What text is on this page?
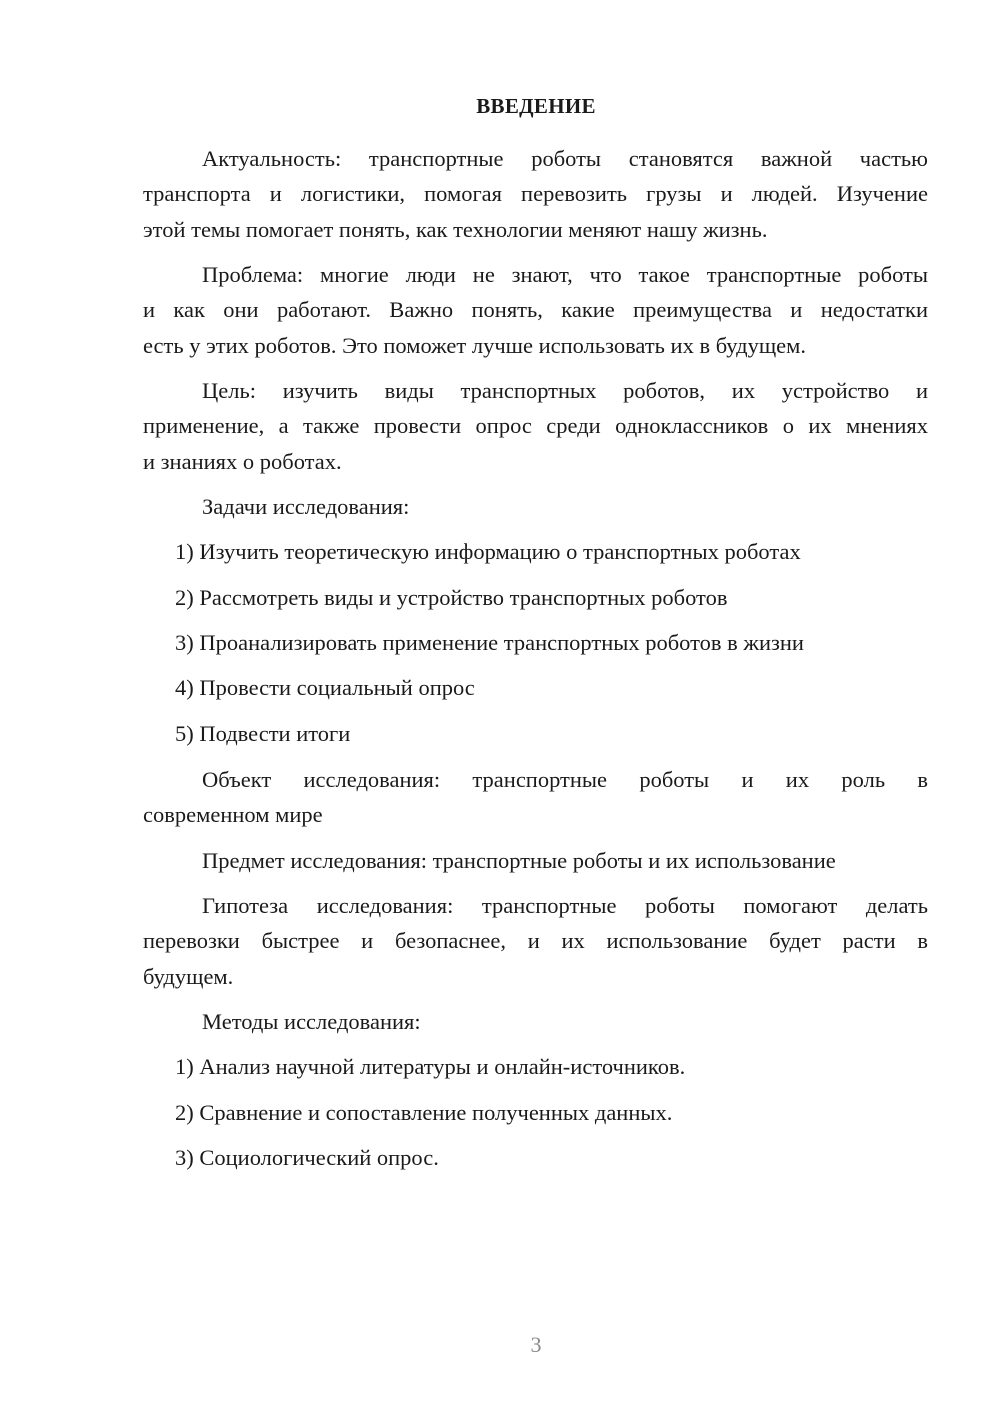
ВВЕДЕНИЕ

Актуальность: транспортные роботы становятся важной частью

транспорта и логистики, помогая перевозить грузы и людей. Изучение

этой темы помогает понять, как технологии меняют нашу жизнь.

Проблема: многие люди не знают, что такое транспортные роботы

и как они работают. Важно понять, какие преимущества и недостатки

есть у этих роботов. Это поможет лучше использовать их в будущем.

Цель: изучить виды транспортных роботов, их устройство и

применение, а также провести опрос среди одноклассников о их мнениях

и знаниях о роботах.

Задачи исследования:

1) Изучить теоретическую информацию о транспортных роботах

2) Рассмотреть виды и устройство транспортных роботов

3) Проанализировать применение транспортных роботов в жизни

4) Провести социальный опрос

5) Подвести итоги

Объект исследования: транспортные роботы и их роль в

современном мире

Предмет исследования: транспортные роботы и их использование

Гипотеза исследования: транспортные роботы помогают делать

перевозки быстрее и безопаснее, и их использование будет расти в

будущем.

Методы исследования:

1) Анализ научной литературы и онлайн-источников.

2) Сравнение и сопоставление полученных данных.

3) Социологический опрос.

3
